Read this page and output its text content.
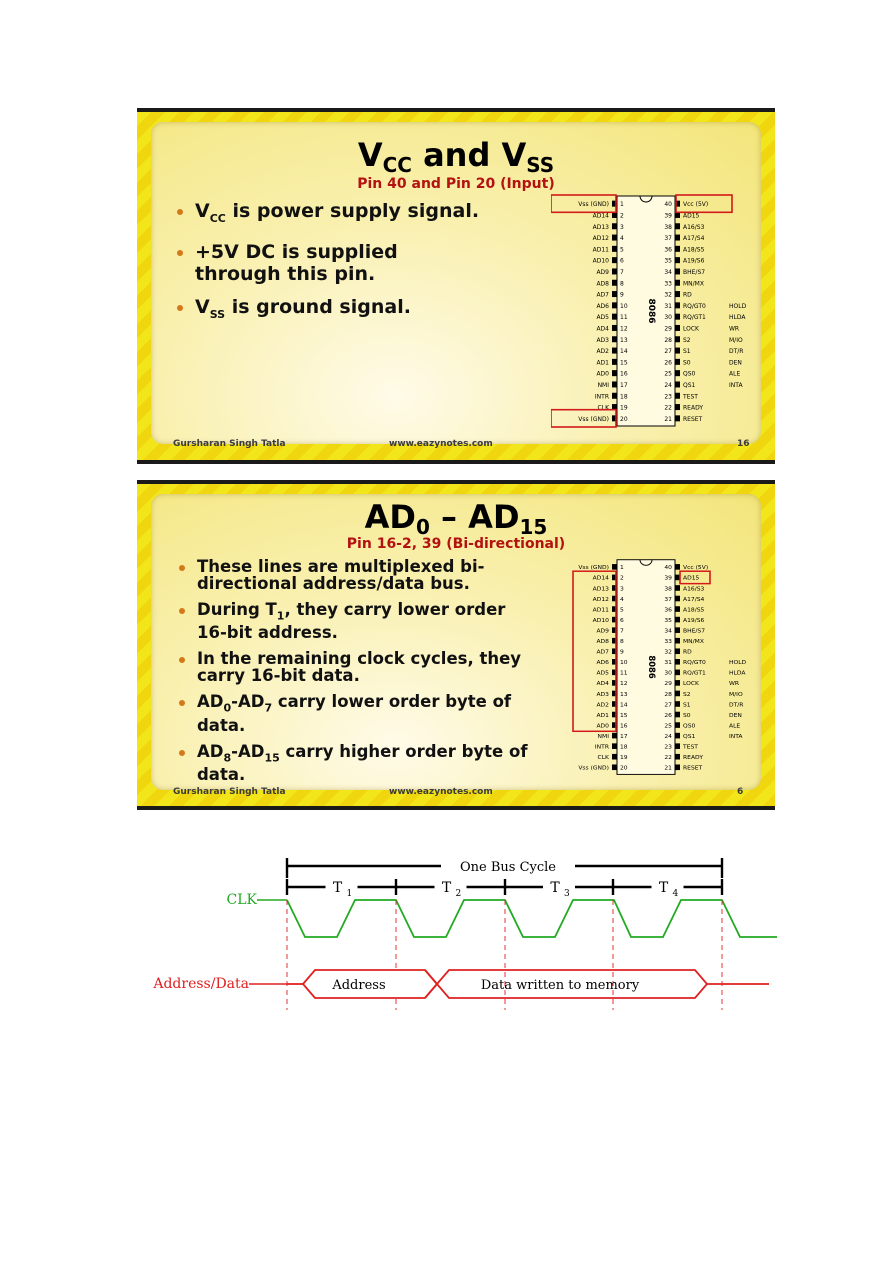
$V_{CC}$ and $V_{SS}$
Pin 40 and Pin 20 (Input)
$V_{CC}$ is power supply signal.
+5V DC is supplied through this pin.
$V_{SS}$ is ground signal.
Gursharan Singh Tatla	www.eazynotes.com	16
8086
Vss (GND) 1	40 Vcc (5V)
AD14 2	39 AD15
AD13 3	38 A16/S3
AD12 4	37 A17/S4
AD11 5	36 A18/S5
AD10 6	35 A19/S6
AD9 7	34 BHE/S7
AD8 8	33 MN/MX
AD7 9	32 RD
AD6 10	31 RQ/GT0	HOLD
AD5 11	30 RQ/GT1	HLDA
AD4 12	29 LOCK	WR
AD3 13	28 S2	M/IO
AD2 14	27 S1	DT/R
AD1 15	26 S0	DEN
AD0 16	25 QS0	ALE
NMI 17	24 QS1	INTA
INTR 18	23 TEST
CLK 19	22 READY
Vss (GND) 20	21 RESET
$AD_0 - AD_{15}$
Pin 16-2, 39 (Bi-directional)
These lines are multiplexed bi-directional address/data bus.
During $T_1$, they carry lower order 16-bit address.
In the remaining clock cycles, they carry 16-bit data.
$AD_0-AD_7$ carry lower order byte of data.
$AD_8-AD_{15}$ carry higher order byte of data.
Gursharan Singh Tatla	www.eazynotes.com	6
8086
Vss (GND) 1	40 Vcc (5V)
AD14 2	39 AD15
AD13 3	38 A16/S3
AD12 4	37 A17/S4
AD11 5	36 A18/S5
AD10 6	35 A19/S6
AD9 7	34 BHE/S7
AD8 8	33 MN/MX
AD7 9	32 RD
AD6 10	31 RQ/GT0	HOLD
AD5 11	30 RQ/GT1	HLDA
AD4 12	29 LOCK	WR
AD3 13	28 S2	M/IO
AD2 14	27 S1	DT/R
AD1 15	26 S0	DEN
AD0 16	25 QS0	ALE
NMI 17	24 QS1	INTA
INTR 18	23 TEST
CLK 19	22 READY
Vss (GND) 20	21 RESET
One Bus Cycle
T 1	T 2	T 3	T 4
CLK
Address/Data	Address	Data written to memory
